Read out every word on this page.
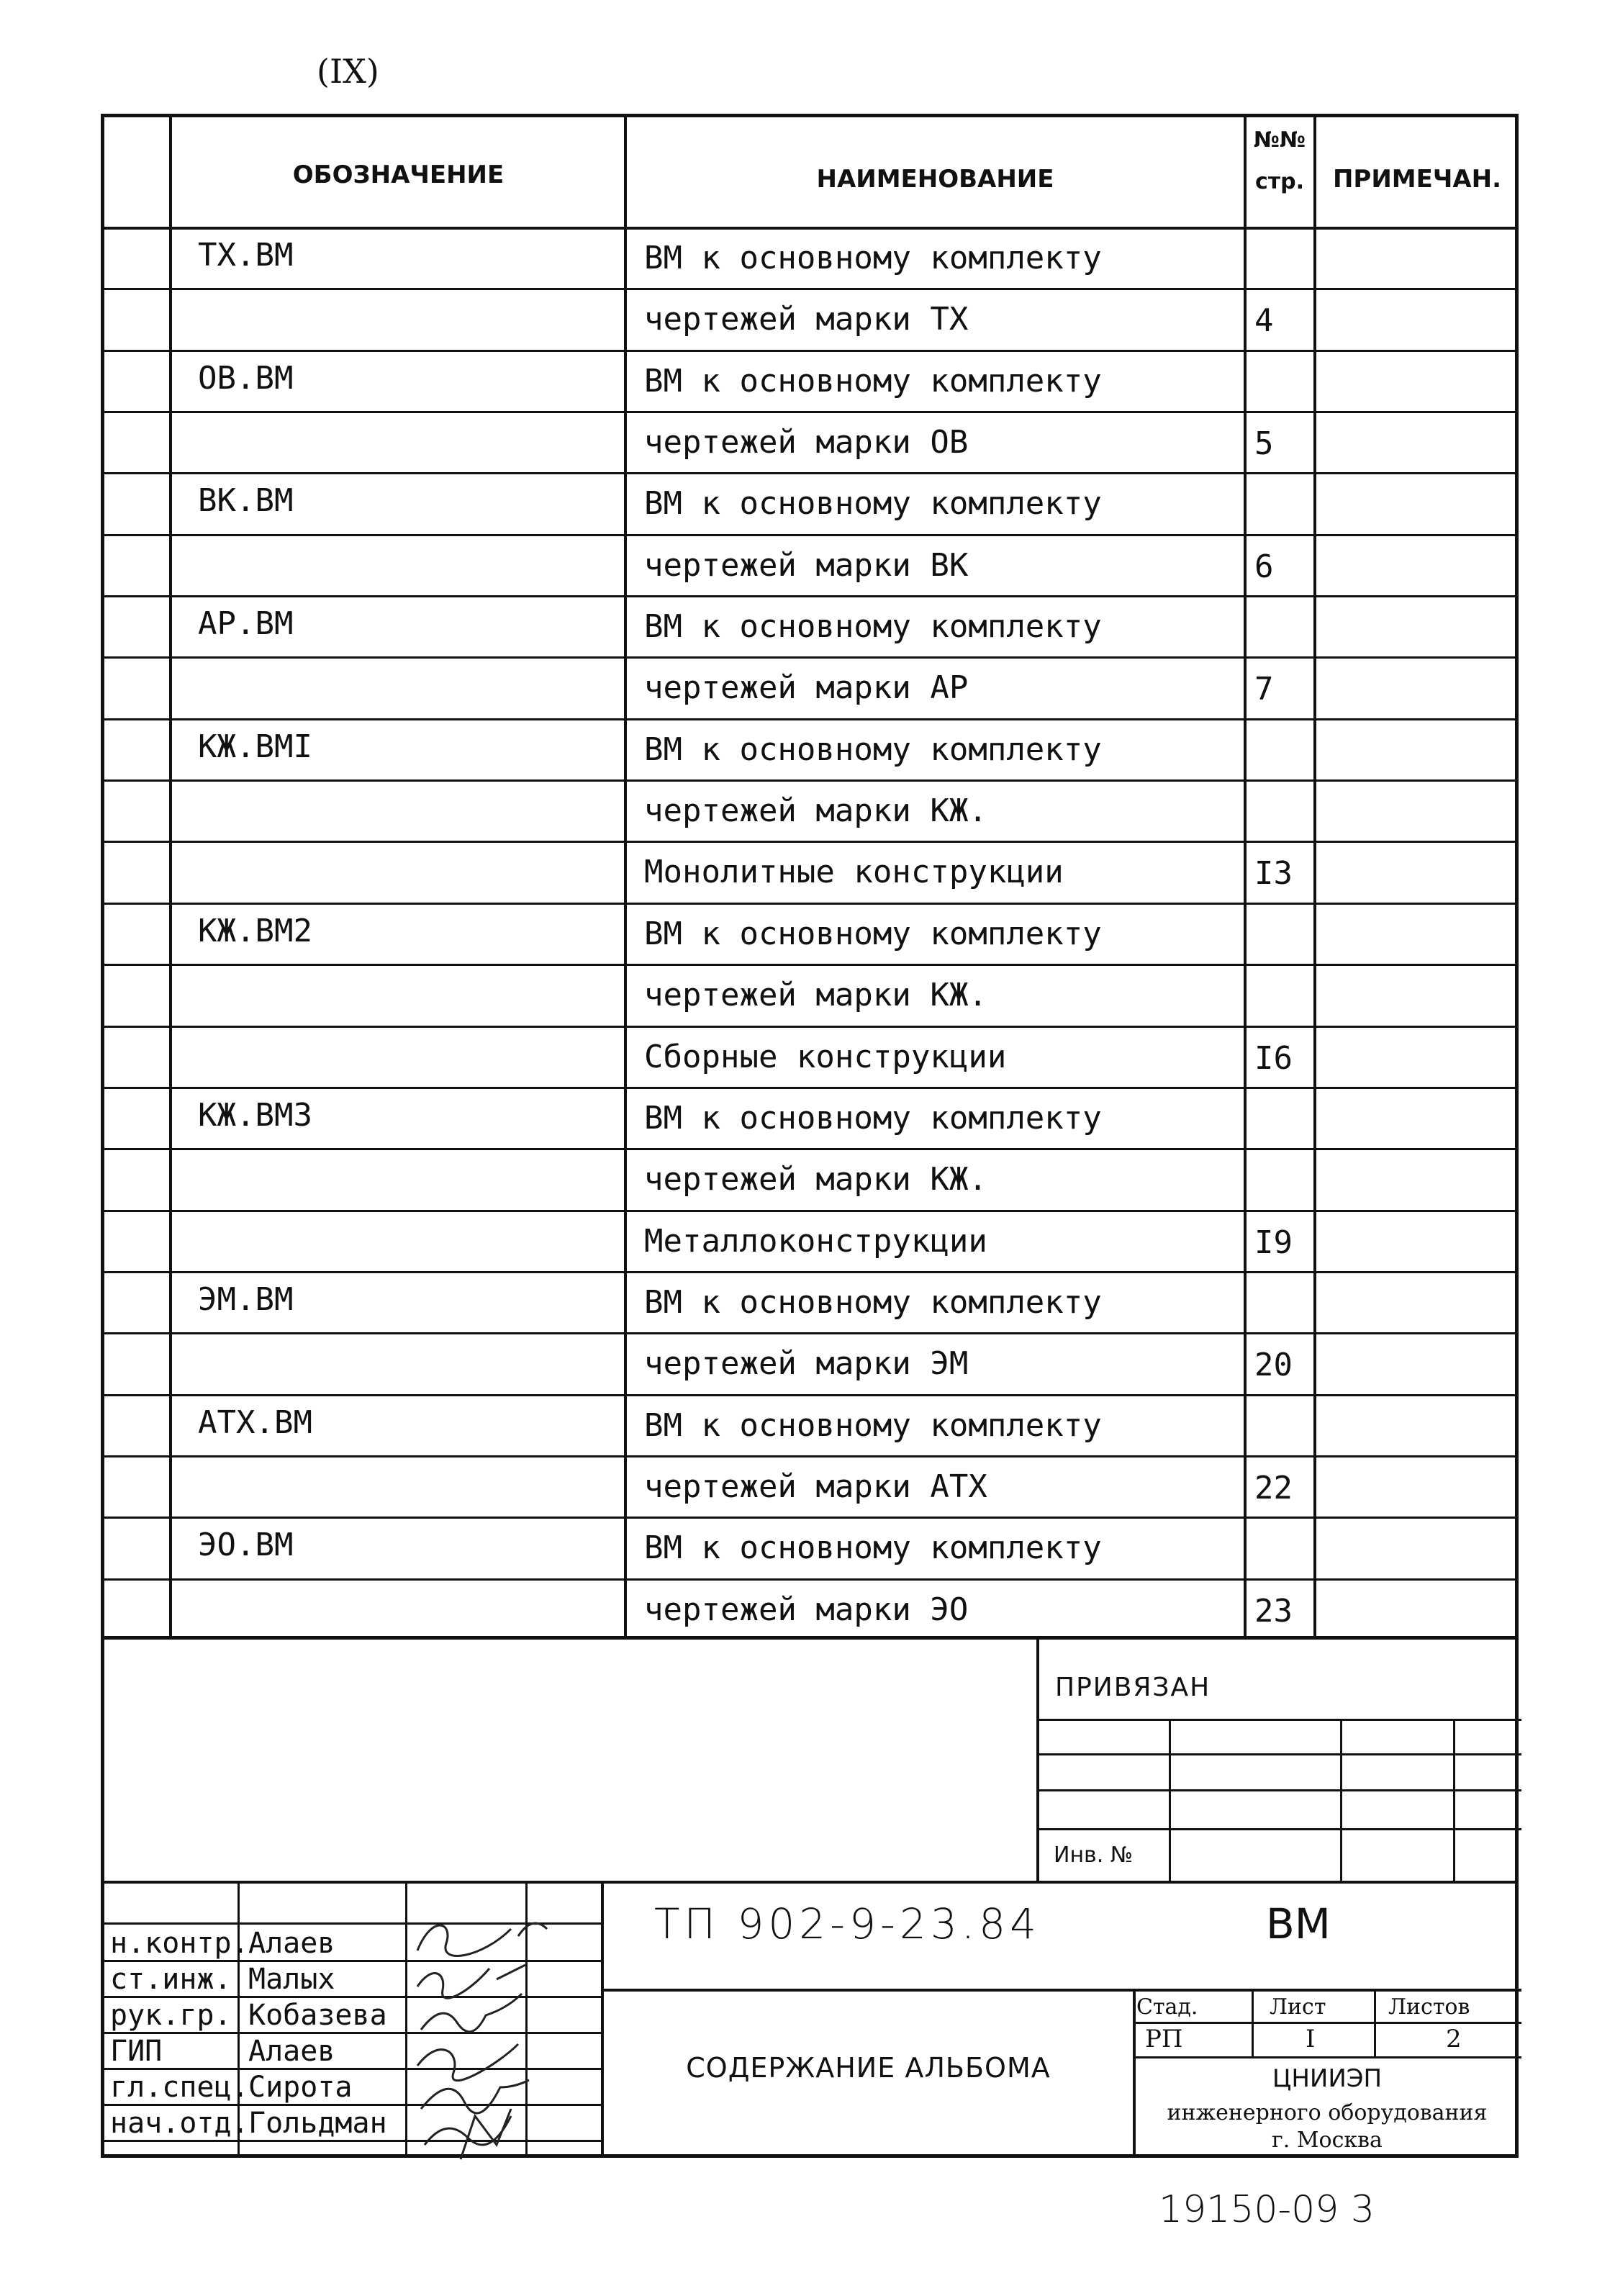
(IX)
ОБОЗНАЧЕНИЕ	НАИМЕНОВАНИЕ
№№
стр.	ПРИМЕЧАН.
ТХ.ВМ	ВМ к основному комплекту
чертежей марки ТХ	4
ОВ.ВМ	ВМ к основному комплекту
чертежей марки ОВ	5
ВК.ВМ	ВМ к основному комплекту
чертежей марки ВК	6
АР.ВМ	ВМ к основному комплекту
чертежей марки АР	7
КЖ.ВМI	ВМ к основному комплекту
чертежей марки КЖ.
Монолитные конструкции	I3
КЖ.ВМ2	ВМ к основному комплекту
чертежей марки КЖ.
Сборные конструкции	I6
КЖ.ВМ3	ВМ к основному комплекту
чертежей марки КЖ.
Металлоконструкции	I9
ЭМ.ВМ	ВМ к основному комплекту
чертежей марки ЭМ	20
АТХ.ВМ	ВМ к основному комплекту
чертежей марки АТХ	22
ЭО.ВМ	ВМ к основному комплекту
чертежей марки ЭО	23
ПРИВЯЗАН
Инв. №
н.контр. Алаев
ст.инж. Малых
рук.гр. Кобазева
ГИП	Алаев
гл.спец. Сирота
нач.отд. Гольдман
ТП 902-9-23.84	ВМ
СОДЕРЖАНИЕ АЛЬБОМА
Стад.	Лист	Листов
РП	I	2
ЦНИИЭП
инженерного оборудования
г. Москва
19150-09 3
